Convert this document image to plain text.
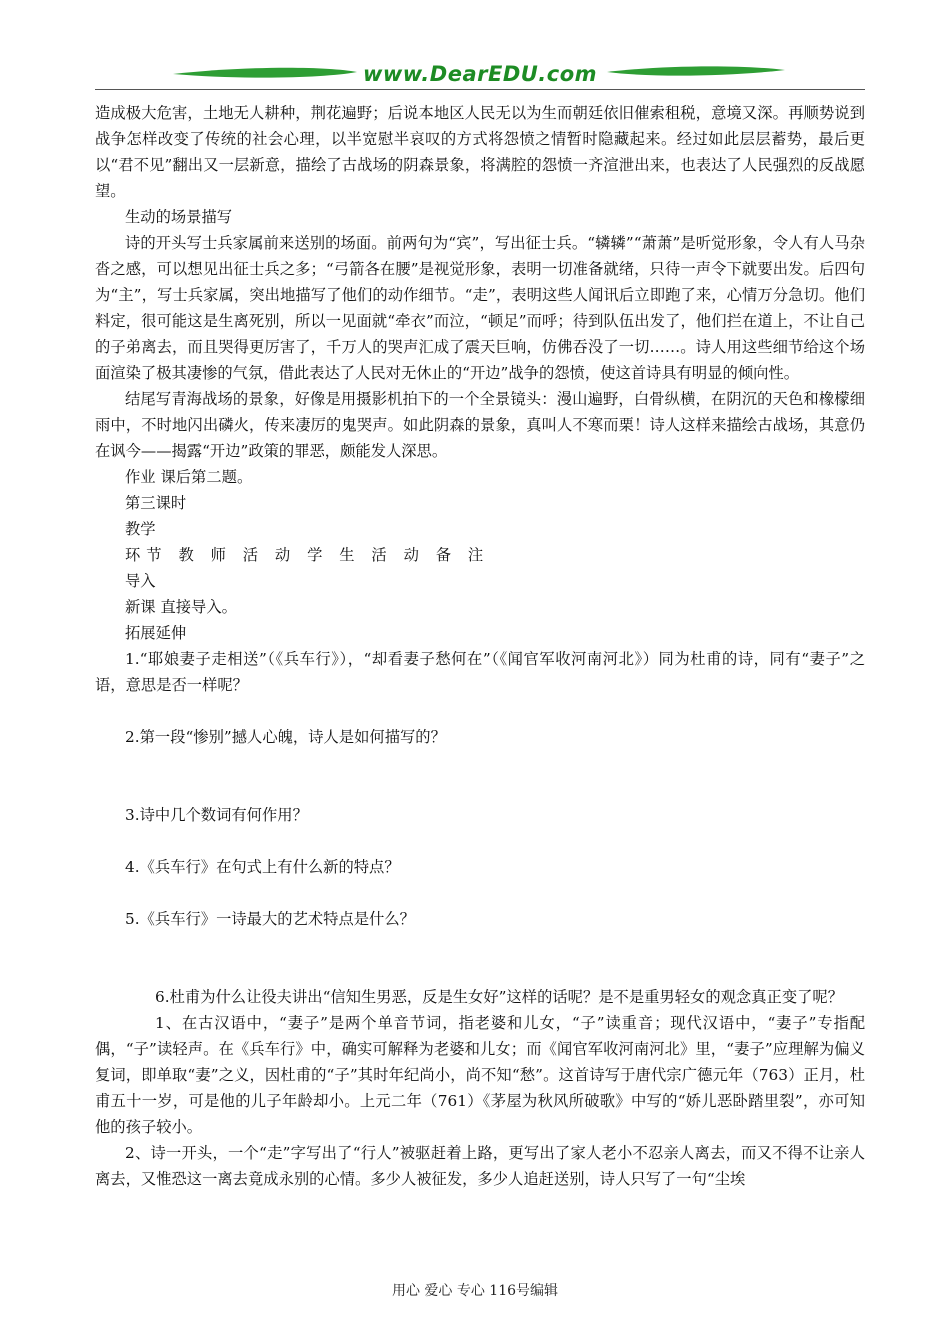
www.DearEDU.com

造成极大危害，土地无人耕种，荆花遍野；后说本地区人民无以为生而朝廷依旧催索租税，意境又深。再顺势说到战争怎样改变了传统的社会心理，以半宽慰半哀叹的方式将怨愤之情暂时隐藏起来。经过如此层层蓄势，最后更以“君不见”翻出又一层新意，描绘了古战场的阴森景象，将满腔的怨愤一齐渲泄出来，也表达了人民强烈的反战愿望。

生动的场景描写

诗的开头写士兵家属前来送别的场面。前两句为“宾”，写出征士兵。“辚辚”“萧萧”是听觉形象，令人有人马杂沓之感，可以想见出征士兵之多；“弓箭各在腰”是视觉形象，表明一切准备就绪，只待一声令下就要出发。后四句为“主”，写士兵家属，突出地描写了他们的动作细节。“走”，表明这些人闻讯后立即跑了来，心情万分急切。他们料定，很可能这是生离死别，所以一见面就“牵衣”而泣，“顿足”而呼；待到队伍出发了，他们拦在道上，不让自己的子弟离去，而且哭得更厉害了，千万人的哭声汇成了震天巨响，仿佛吞没了一切……。诗人用这些细节给这个场面渲染了极其凄惨的气氛，借此表达了人民对无休止的“开边”战争的怨愤，使这首诗具有明显的倾向性。

结尾写青海战场的景象，好像是用摄影机拍下的一个全景镜头：漫山遍野，白骨纵横，在阴沉的天色和橡檬细雨中，不时地闪出磷火，传来凄厉的鬼哭声。如此阴森的景象，真叫人不寒而栗！诗人这样来描绘古战场，其意仍在讽今——揭露“开边”政策的罪恶，颇能发人深思。

作业 课后第二题。

第三课时

教学

环节 教 师 活 动 学 生 活 动 备 注

导入

新课 直接导入。

拓展延伸

1.“耶娘妻子走相送”（《兵车行》），“却看妻子愁何在”（《闻官军收河南河北》）同为杜甫的诗，同有“妻子”之语，意思是否一样呢？

2.第一段“惨别”撼人心魄，诗人是如何描写的？

3.诗中几个数词有何作用？

4.《兵车行》在句式上有什么新的特点？

5.《兵车行》一诗最大的艺术特点是什么？

6.杜甫为什么让役夫讲出“信知生男恶，反是生女好”这样的话呢？是不是重男轻女的观念真正变了呢？

1、在古汉语中，“妻子”是两个单音节词，指老婆和儿女，“子”读重音；现代汉语中，“妻子”专指配偶，“子”读轻声。在《兵车行》中，确实可解释为老婆和儿女；而《闻官军收河南河北》里，“妻子”应理解为偏义复词，即单取“妻”之义，因杜甫的“子”其时年纪尚小，尚不知“愁”。这首诗写于唐代宗广德元年（763）正月，杜甫五十一岁，可是他的儿子年龄却小。上元二年（761）《茅屋为秋风所破歌》中写的“娇儿恶卧踏里裂”，亦可知他的孩子较小。

2、诗一开头，一个“走”字写出了“行人”被驱赶着上路，更写出了家人老小不忍亲人离去，而又不得不让亲人离去，又惟恐这一离去竟成永别的心情。多少人被征发，多少人追赶送别，诗人只写了一句“尘埃

用心 爱心 专心 116号编辑
